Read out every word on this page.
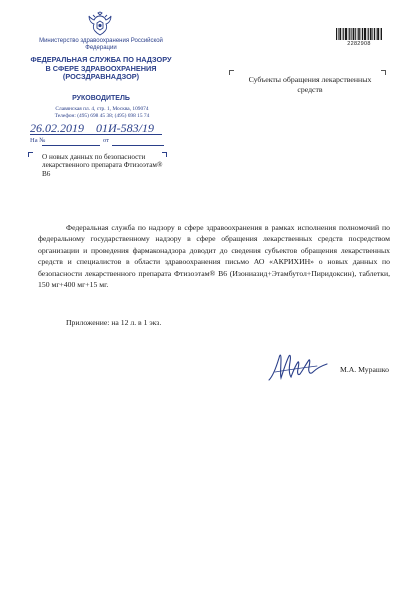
Министерство здравоохранения Российской Федерации
ФЕДЕРАЛЬНАЯ СЛУЖБА ПО НАДЗОРУ В СФЕРЕ ЗДРАВООХРАНЕНИЯ (РОСЗДРАВНАДЗОР)
РУКОВОДИТЕЛЬ
Славянская пл. 4, стр. 1, Москва, 109074
Телефон: (495) 698 45 38; (495) 698 15 74
26.02.2019 01И-583/19
На №	от
О новых данных по безопасности лекарственного препарата Фтизоэтам® В6
2282908
Субъекты обращения лекарственных средств
Федеральная служба по надзору в сфере здравоохранения в рамках исполнения полномочий по федеральному государственному надзору в сфере обращения лекарственных средств посредством организации и проведения фармаконадзора доводит до сведения субъектов обращения лекарственных средств и специалистов в области здравоохранения письмо АО «АКРИХИН» о новых данных по безопасности лекарственного препарата Фтизоэтам® В6 (Изониазид+Этамбутол+Пиридоксин), таблетки, 150 мг+400 мг+15 мг.
Приложение: на 12 л. в 1 экз.
М.А. Мурашко
